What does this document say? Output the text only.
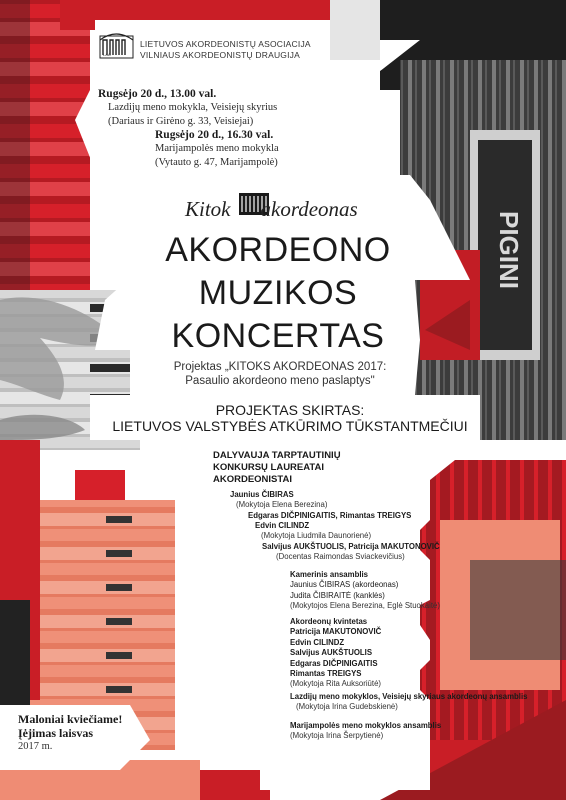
PIGINI
LAA
LIETUVOS AKORDEONISTŲ ASOCIACIJA
VILNIAUS AKORDEONISTŲ DRAUGIJA
Rugsėjo 20 d., 13.00 val.
Lazdijų meno mokykla, Veisiejų skyrius
(Dariaus ir Girėno g. 33, Veisiejai)
Rugsėjo 20 d., 16.30 val.
Marijampolės meno mokykla
(Vytauto g. 47, Marijampolė)
Kitok akordeonas
AKORDEONO
MUZIKOS
KONCERTAS
Projektas „KITOKS AKORDEONAS 2017:
Pasaulio akordeono meno paslaptys"
PROJEKTAS SKIRTAS:
LIETUVOS VALSTYBĖS ATKŪRIMO TŪKSTANTMEČIUI
DALYVAUJA TARPTAUTINIŲ
KONKURSŲ LAUREATAI
AKORDEONISTAI
Jaunius ČIBIRAS
(Mokytoja Elena Berezina)
Edgaras DIČPINIGAITIS, Rimantas TREIGYS
Edvin CILINDZ
(Mokytoja Liudmila Daunorienė)
Salvijus AUKŠTUOLIS, Patricija MAKUTONOVIČ
(Docentas Raimondas Sviackevičius)
Kamerinis ansamblis
Jaunius ČIBIRAS (akordeonas)
Judita ČIBIRAITĖ (kanklės)
(Mokytojos Elena Berezina, Eglė Stuokaitė)
Akordeonų kvintetas
Patricija MAKUTONOVIČ
Edvin CILINDZ
Salvijus AUKŠTUOLIS
Edgaras DIČPINIGAITIS
Rimantas TREIGYS
(Mokytoja Rita Auksoriūtė)
Lazdijų meno mokyklos, Veisiejų skyriaus akordeonų ansamblis
(Mokytoja Irina Gudebskienė)
Marijampolės meno mokyklos ansamblis
(Mokytoja Irina Šerpytienė)
Maloniai kviečiame!
Įėjimas laisvas
2017 m.
